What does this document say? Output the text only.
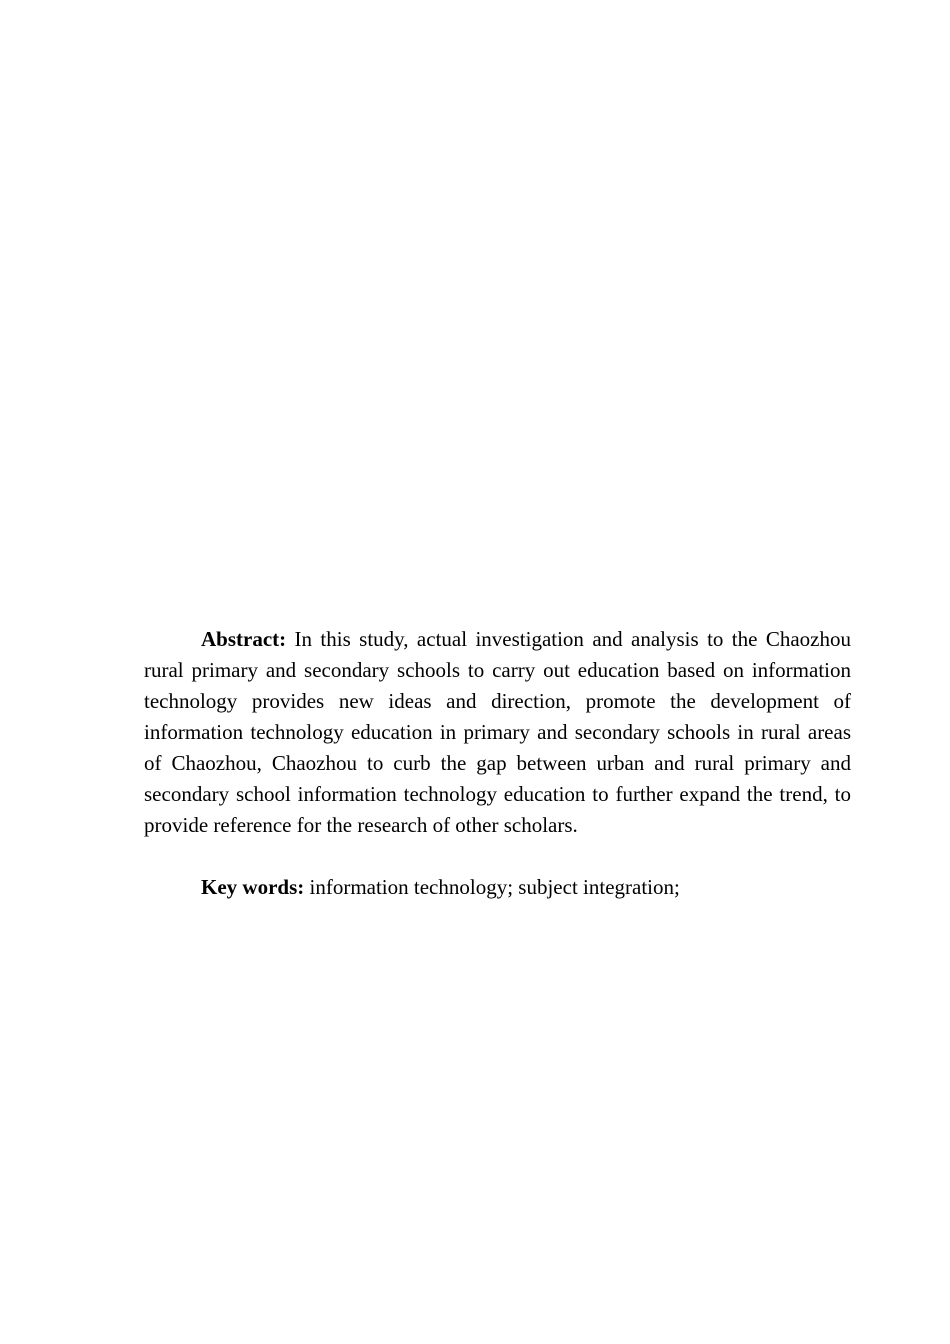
Abstract: In this study, actual investigation and analysis to the Chaozhou rural primary and secondary schools to carry out education based on information technology provides new ideas and direction, promote the development of information technology education in primary and secondary schools in rural areas of Chaozhou, Chaozhou to curb the gap between urban and rural primary and secondary school information technology education to further expand the trend, to provide reference for the research of other scholars.

Key words: information technology; subject integration;
